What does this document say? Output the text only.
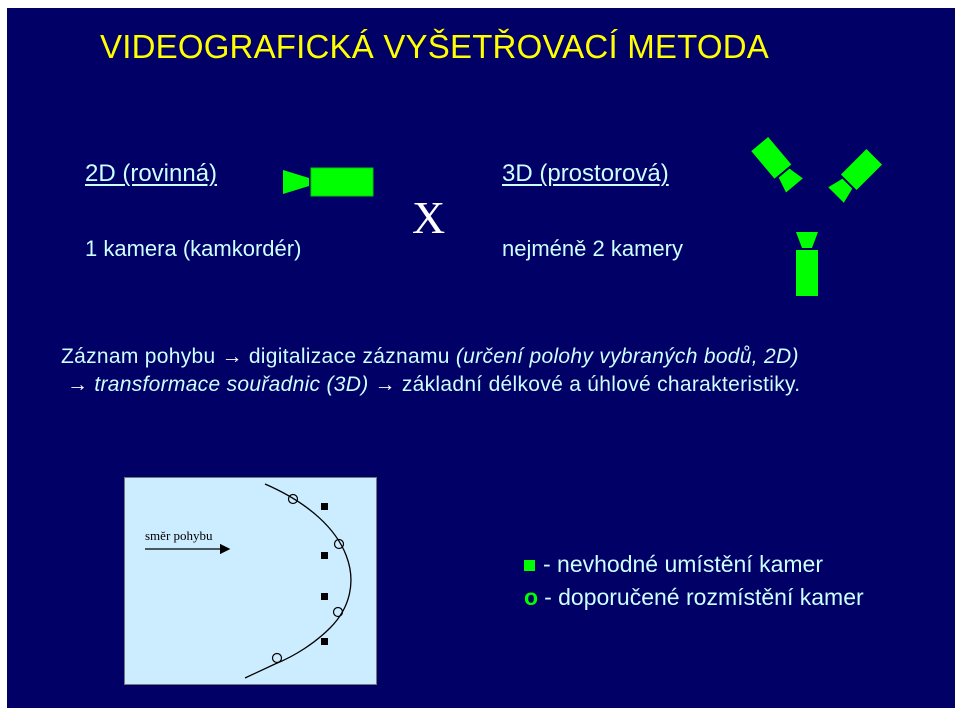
VIDEOGRAFICKÁ VYŠETŘOVACÍ METODA
2D (rovinná)
1 kamera (kamkordér)
X
3D (prostorová)
nejméně 2 kamery
Záznam pohybu → digitalizace záznamu (určení polohy vybraných bodů, 2D) → transformace souřadnic (3D) → základní délkové a úhlové charakteristiky.
směr pohybu
- nevhodné umístění kamer
o - doporučené rozmístění kamer
